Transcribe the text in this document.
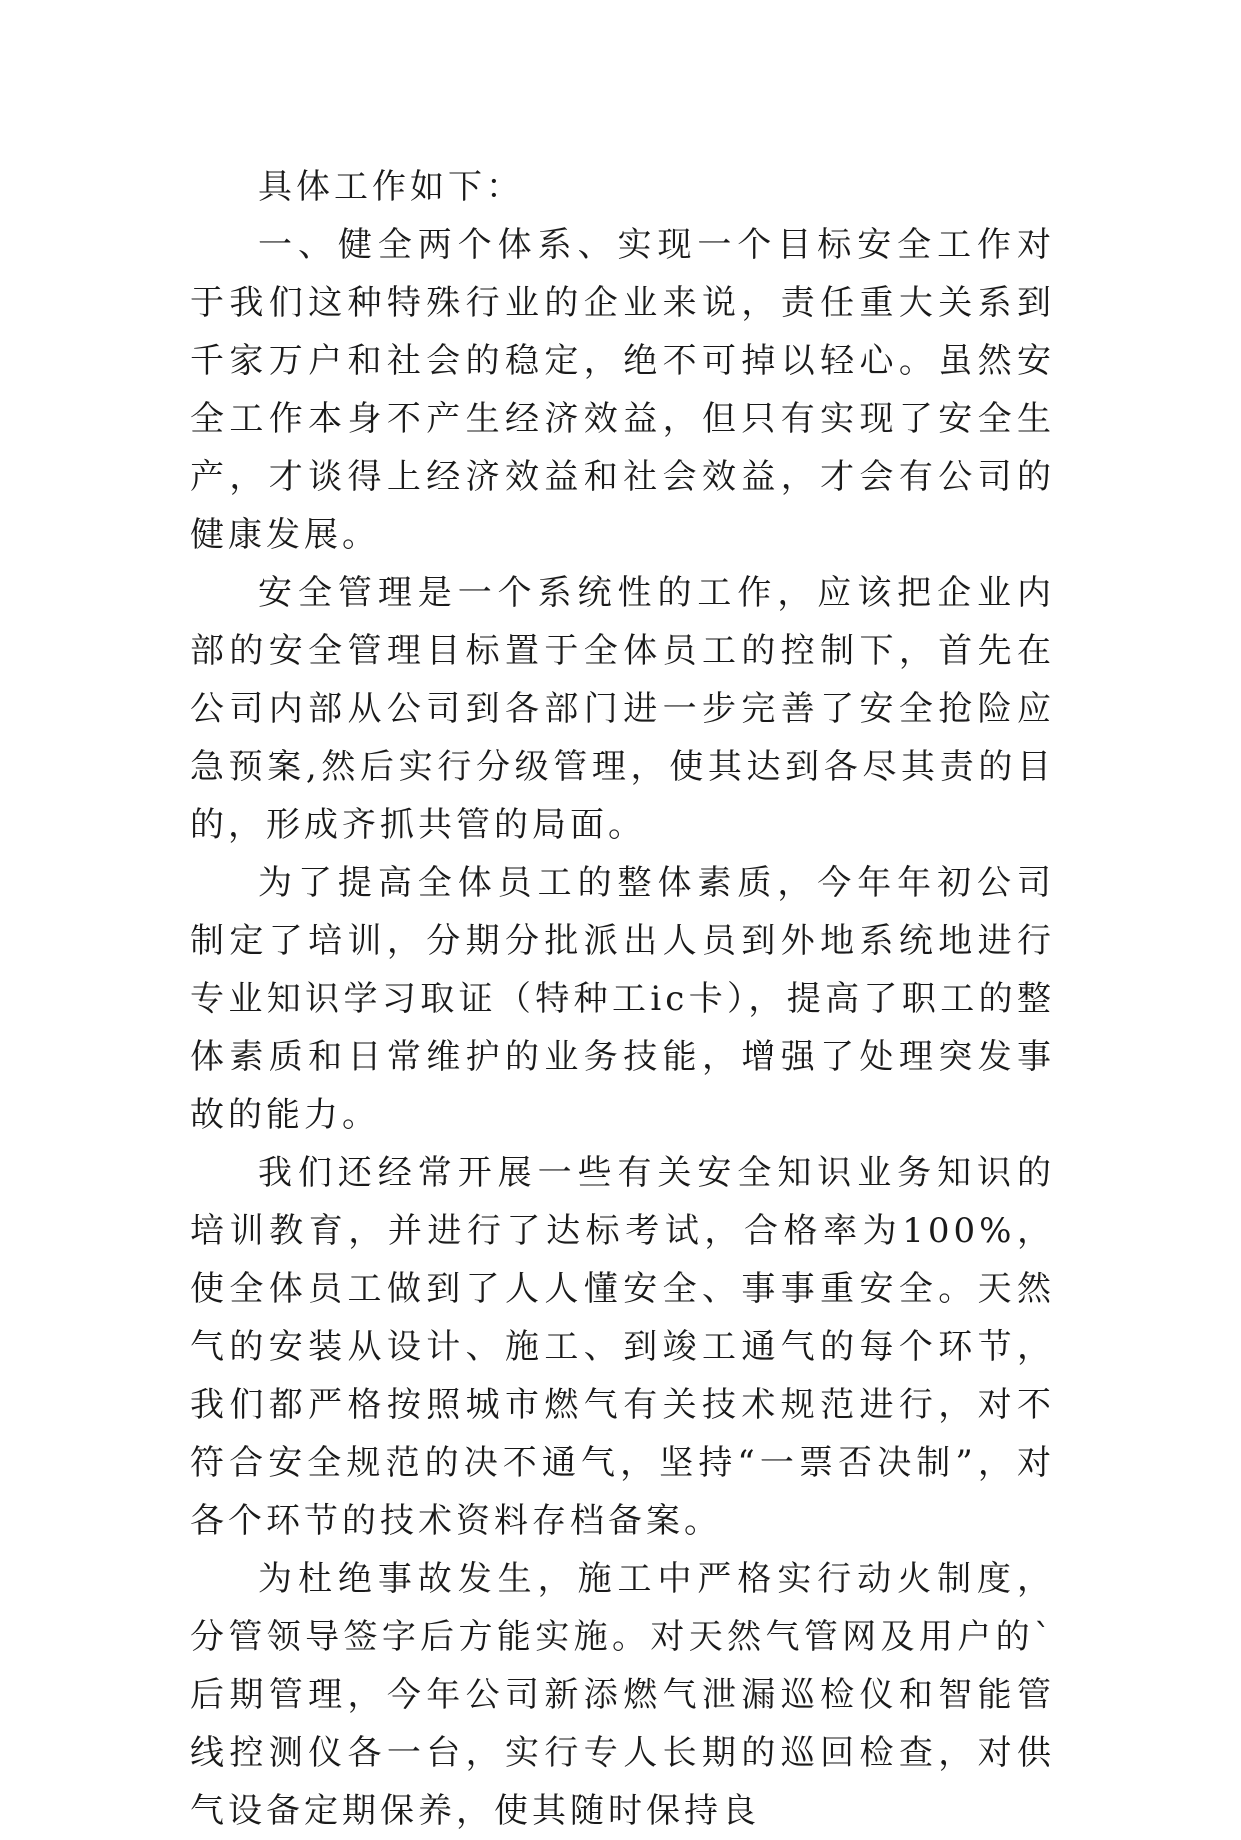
具体工作如下：

一、健全两个体系、实现一个目标安全工作对于我们这种特殊行业的企业来说，责任重大关系到千家万户和社会的稳定，绝不可掉以轻心。虽然安全工作本身不产生经济效益，但只有实现了安全生产，才谈得上经济效益和社会效益，才会有公司的健康发展。

安全管理是一个系统性的工作，应该把企业内部的安全管理目标置于全体员工的控制下，首先在公司内部从公司到各部门进一步完善了安全抢险应急预案,然后实行分级管理，使其达到各尽其责的目的，形成齐抓共管的局面。

为了提高全体员工的整体素质，今年年初公司制定了培训，分期分批派出人员到外地系统地进行专业知识学习取证（特种工ic卡），提高了职工的整体素质和日常维护的业务技能，增强了处理突发事故的能力。

我们还经常开展一些有关安全知识业务知识的培训教育，并进行了达标考试，合格率为100%，使全体员工做到了人人懂安全、事事重安全。天然气的安装从设计、施工、到竣工通气的每个环节，我们都严格按照城市燃气有关技术规范进行，对不符合安全规范的决不通气，坚持“一票否决制”，对各个环节的技术资料存档备案。

为杜绝事故发生，施工中严格实行动火制度，分管领导签字后方能实施。对天然气管网及用户的`后期管理，今年公司新添燃气泄漏巡检仪和智能管线控测仪各一台，实行专人长期的巡回检查，对供气设备定期保养，使其随时保持良
